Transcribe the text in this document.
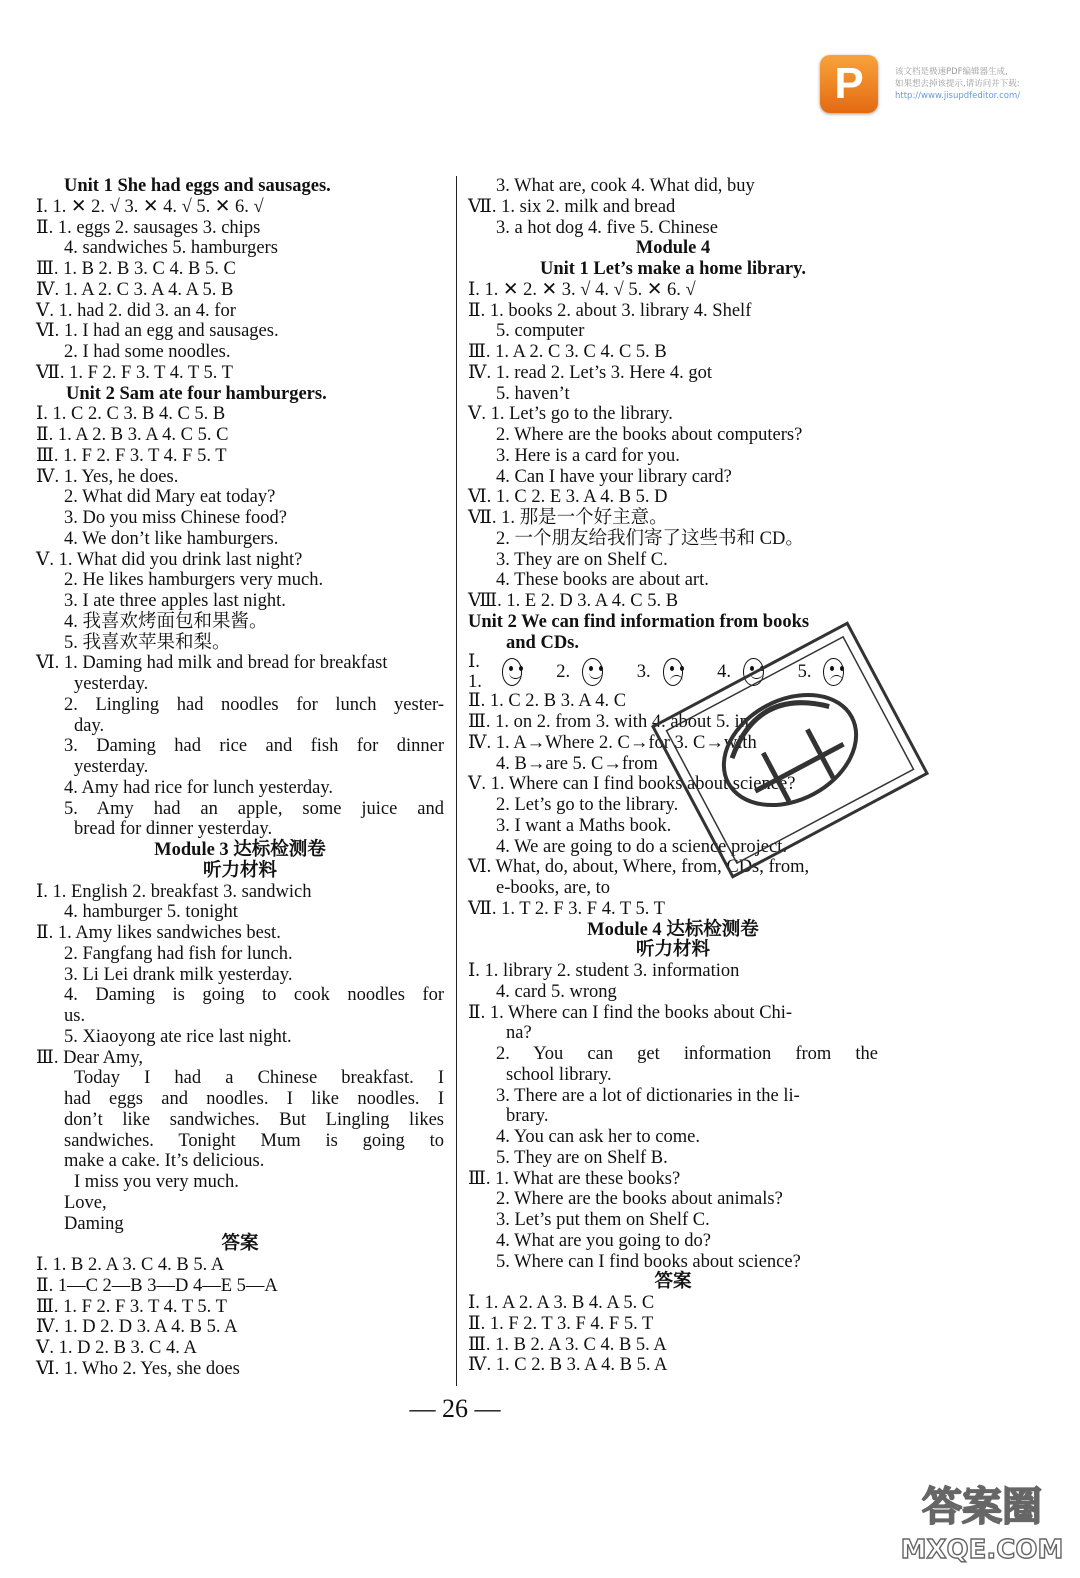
P	该文档是极速PDF编辑器生成,
如果想去掉该提示,请访问并下载:
http://www.jisupdfeditor.com/
Unit 1 She had eggs and sausages.
Ⅰ. 1. ✕ 2. √ 3. ✕ 4. √ 5. ✕ 6. √
Ⅱ. 1. eggs 2. sausages 3. chips
4. sandwiches 5. hamburgers
Ⅲ. 1. B 2. B 3. C 4. B 5. C
Ⅳ. 1. A 2. C 3. A 4. A 5. B
Ⅴ. 1. had 2. did 3. an 4. for
Ⅵ. 1. I had an egg and sausages.
2. I had some noodles.
Ⅶ. 1. F 2. F 3. T 4. T 5. T
Unit 2 Sam ate four hamburgers.
Ⅰ. 1. C 2. C 3. B 4. C 5. B
Ⅱ. 1. A 2. B 3. A 4. C 5. C
Ⅲ. 1. F 2. F 3. T 4. F 5. T
Ⅳ. 1. Yes, he does.
2. What did Mary eat today?
3. Do you miss Chinese food?
4. We don’t like hamburgers.
Ⅴ. 1. What did you drink last night?
2. He likes hamburgers very much.
3. I ate three apples last night.
4. 我喜欢烤面包和果酱。
5. 我喜欢苹果和梨。
Ⅵ. 1. Daming had milk and bread for breakfast
yesterday.
2. Lingling had noodles for lunch yester-
day.
3. Daming had rice and fish for dinner
yesterday.
4. Amy had rice for lunch yesterday.
5. Amy had an apple, some juice and
bread for dinner yesterday.
Module 3 达标检测卷
听力材料
Ⅰ. 1. English 2. breakfast 3. sandwich
4. hamburger 5. tonight
Ⅱ. 1. Amy likes sandwiches best.
2. Fangfang had fish for lunch.
3. Li Lei drank milk yesterday.
4. Daming is going to cook noodles for
us.
5. Xiaoyong ate rice last night.
Ⅲ. Dear Amy,
Today I had a Chinese breakfast. I
had eggs and noodles. I like noodles. I
don’t like sandwiches. But Lingling likes
sandwiches. Tonight Mum is going to
make a cake. It’s delicious.
I miss you very much.
Love,
Daming
答案
Ⅰ. 1. B 2. A 3. C 4. B 5. A
Ⅱ. 1—C 2—B 3—D 4—E 5—A
Ⅲ. 1. F 2. F 3. T 4. T 5. T
Ⅳ. 1. D 2. D 3. A 4. B 5. A
Ⅴ. 1. D 2. B 3. C 4. A
Ⅵ. 1. Who 2. Yes, she does
3. What are, cook 4. What did, buy
Ⅶ. 1. six 2. milk and bread
3. a hot dog 4. five 5. Chinese
Module 4
Unit 1 Let’s make a home library.
Ⅰ. 1. ✕ 2. ✕ 3. √ 4. √ 5. ✕ 6. √
Ⅱ. 1. books 2. about 3. library 4. Shelf
5. computer
Ⅲ. 1. A 2. C 3. C 4. C 5. B
Ⅳ. 1. read 2. Let’s 3. Here 4. got
5. haven’t
Ⅴ. 1. Let’s go to the library.
2. Where are the books about computers?
3. Here is a card for you.
4. Can I have your library card?
Ⅵ. 1. C 2. E 3. A 4. B 5. D
Ⅶ. 1. 那是一个好主意。
2. 一个朋友给我们寄了这些书和 CD。
3. They are on Shelf C.
4. These books are about art.
Ⅷ. 1. E 2. D 3. A 4. C 5. B
Unit 2 We can find information from books
and CDs.
Ⅰ. 1.
2.	3.	4.	5.
Ⅱ. 1. C 2. B 3. A 4. C
Ⅲ. 1. on 2. from 3. with 4. about 5. in
Ⅳ. 1. A→Where 2. C→for 3. C→with
4. B→are 5. C→from
Ⅴ. 1. Where can I find books about science?
2. Let’s go to the library.
3. I want a Maths book.
4. We are going to do a science project.
Ⅵ. What, do, about, Where, from, CDs, from,
e-books, are, to
Ⅶ. 1. T 2. F 3. F 4. T 5. T
Module 4 达标检测卷
听力材料
Ⅰ. 1. library 2. student 3. information
4. card 5. wrong
Ⅱ. 1. Where can I find the books about Chi-
na?
2. You can get information from the
school library.
3. There are a lot of dictionaries in the li-
brary.
4. You can ask her to come.
5. They are on Shelf B.
Ⅲ. 1. What are these books?
2. Where are the books about animals?
3. Let’s put them on Shelf C.
4. What are you going to do?
5. Where can I find books about science?
答案
Ⅰ. 1. A 2. A 3. B 4. A 5. C
Ⅱ. 1. F 2. T 3. F 4. F 5. T
Ⅲ. 1. B 2. A 3. C 4. B 5. A
Ⅳ. 1. C 2. B 3. A 4. B 5. A
— 26 —
答案圈
MXQE.COM
